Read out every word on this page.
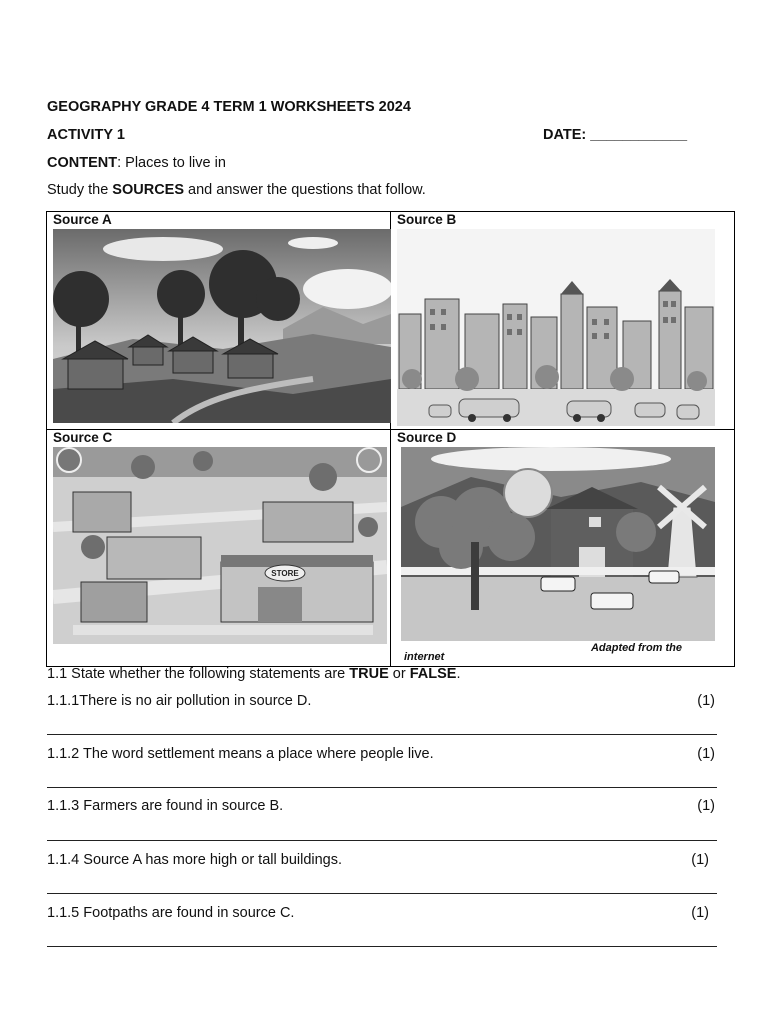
GEOGRAPHY GRADE 4 TERM 1 WORKSHEETS 2024
ACTIVITY 1	DATE: ____________
CONTENT: Places to live in
Study the SOURCES and answer the questions that follow.
Source A	Source B

Source C
STORE	Source D
Adapted from the
internet
1.1 State whether the following statements are TRUE or FALSE.
1.1.1There is no air pollution in source D.	(1)
1.1.2 The word settlement means a place where people live.	(1)
1.1.3 Farmers are found in source B.	(1)
1.1.4 Source A has more high or tall buildings.	(1)
1.1.5 Footpaths are found in source C.	(1)
